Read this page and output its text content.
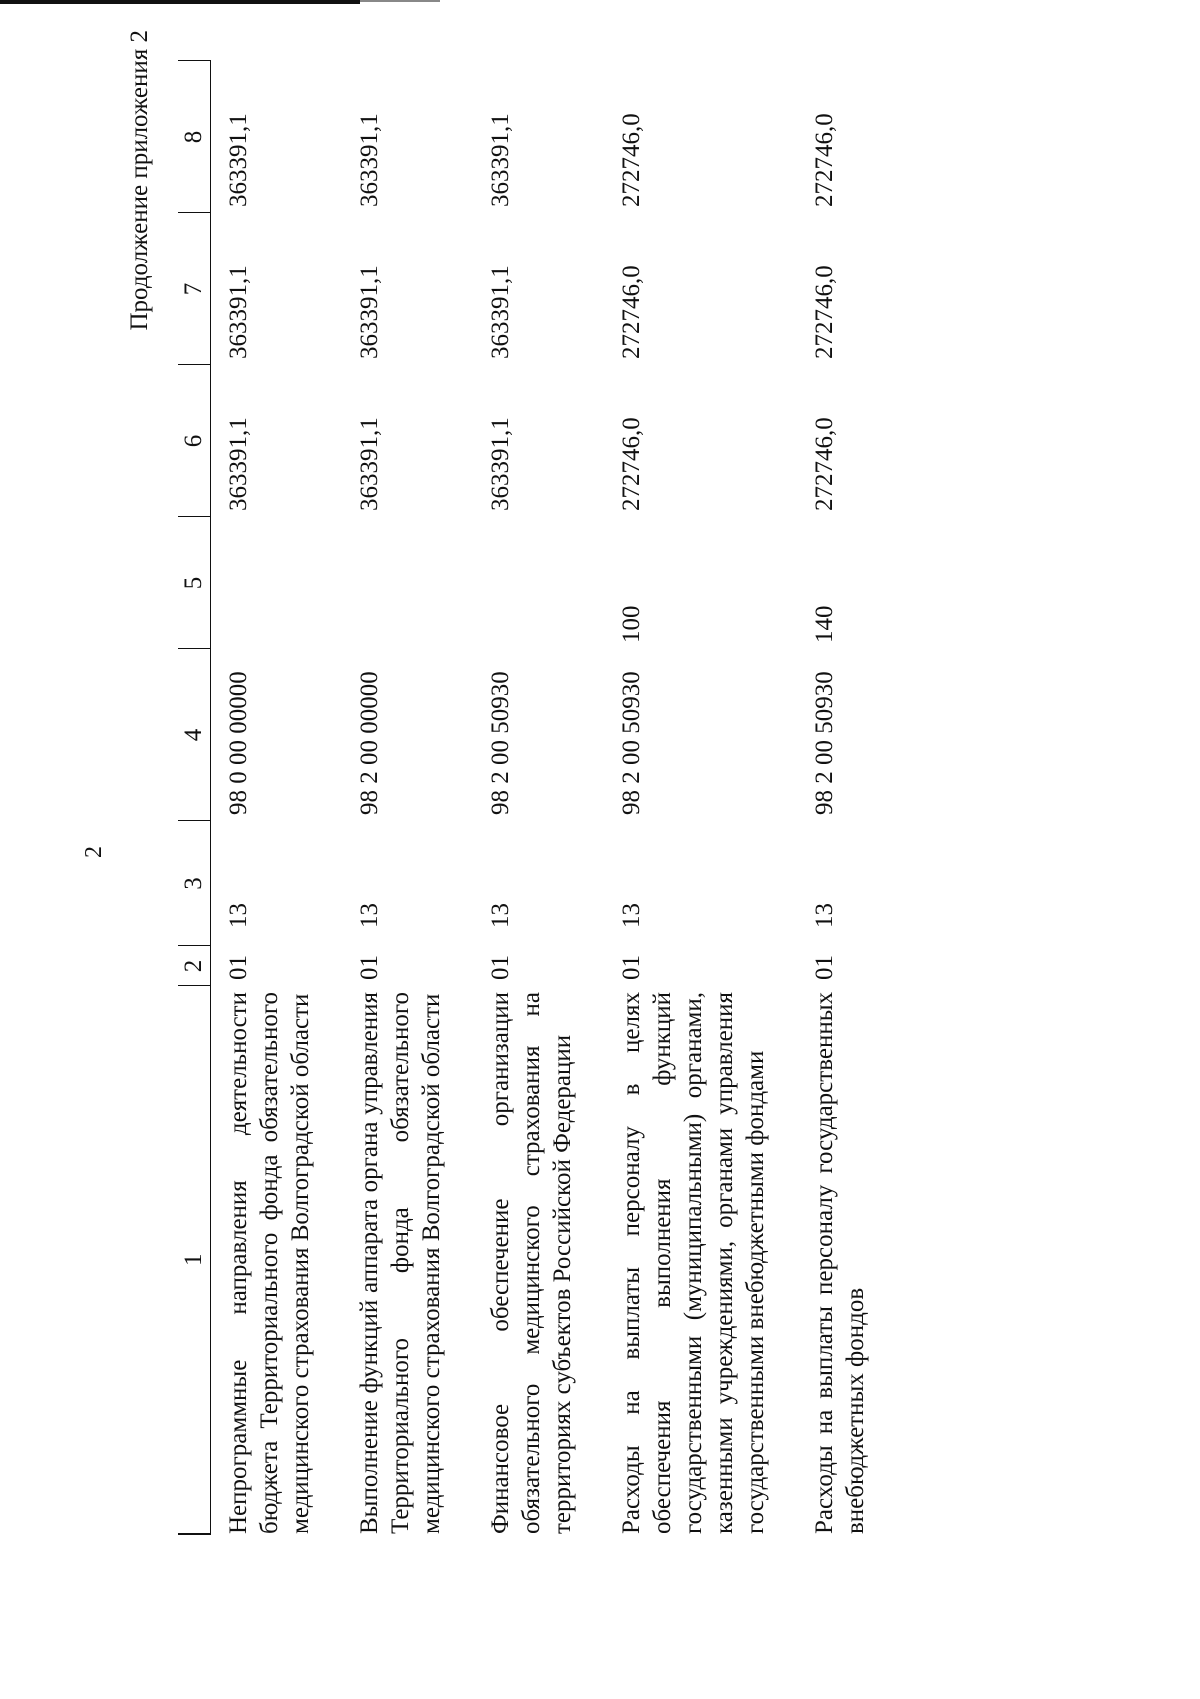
2
Продолжение приложения 2
1	2	3	4	5	6	7	8
Непрограммные направления деятельности бюджета Территориального фонда обязательного медицинского страхования Волгоградской области	01	13	98 0 00 00000		363391,1	363391,1	363391,1
Выполнение функций аппарата органа управления Территориального фонда обязательного медицинского страхования Волгоградской области	01	13	98 2 00 00000		363391,1	363391,1	363391,1
Финансовое обеспечение организации обязательного медицинского страхования на территориях субъектов Российской Федерации	01	13	98 2 00 50930		363391,1	363391,1	363391,1
Расходы на выплаты персоналу в целях обеспечения выполнения функций государственными (муниципальными) органами, казенными учреждениями, органами управления государственными внебюджетными фондами	01	13	98 2 00 50930	100	272746,0	272746,0	272746,0
Расходы на выплаты персоналу государственных внебюджетных фондов	01	13	98 2 00 50930	140	272746,0	272746,0	272746,0
